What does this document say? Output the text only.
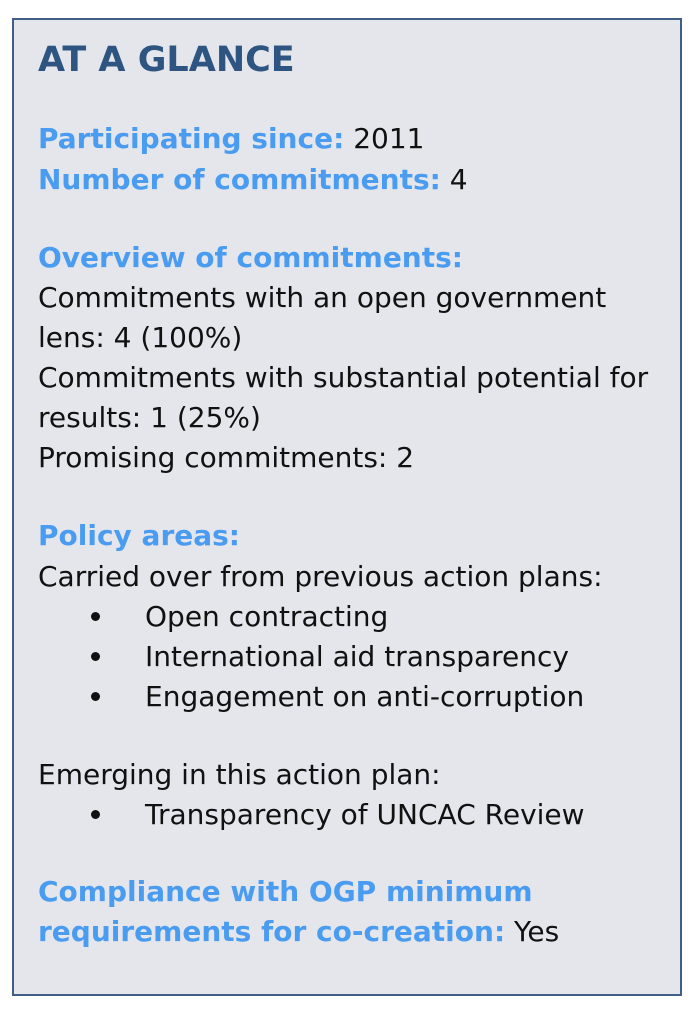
AT A GLANCE
Participating since: 2011
Number of commitments: 4
Overview of commitments:
Commitments with an open government lens: 4 (100%)
Commitments with substantial potential for results: 1 (25%)
Promising commitments: 2
Policy areas:
Carried over from previous action plans:
Open contracting
International aid transparency
Engagement on anti-corruption
Emerging in this action plan:
Transparency of UNCAC Review
Compliance with OGP minimum requirements for co-creation: Yes
